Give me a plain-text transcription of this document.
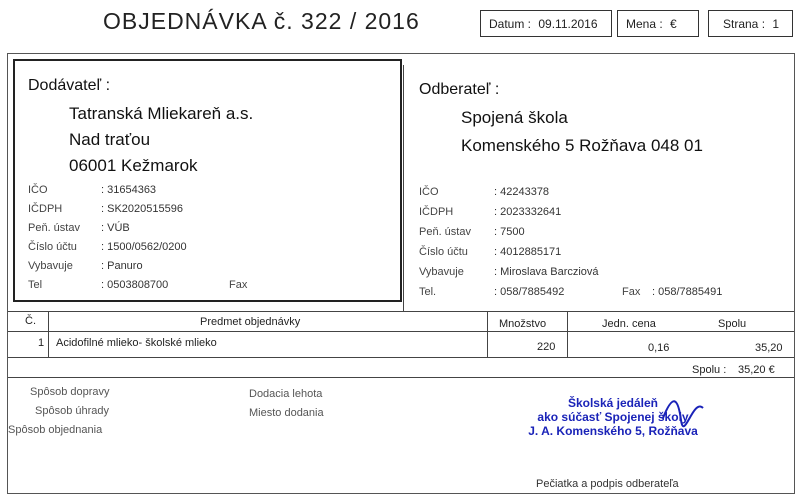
OBJEDNÁVKA č. 322 / 2016	Datum : 09.11.2016	Mena : €	Strana : 1
Dodávateľ :
Tatranská Mliekareň a.s.
Nad traťou
06001 Kežmarok
IČO	: 31654363
IČDPH	: SK2020515596
Peň. ústav : VÚB
Číslo účtu : 1500/0562/0200
Vybavuje	: Panuro
Tel	: 0503808700	Fax
Odberateľ :
Spojená škola
Komenského 5 Rožňava 048 01
IČO	: 42243378
IČDPH	: 2023332641
Peň. ústav : 7500
Číslo účtu : 4012885171
Vybavuje	: Miroslava Barcziová
Tel.	: 058/7885492	Fax : 058/7885491
Č.	Predmet objednávky	Množstvo	Jedn. cena	Spolu
1 Acidofilné mlieko- školské mlieko	220	0,16	35,20
Spolu : 35,20 €
Spôsob dopravy
Spôsob úhrady
Spôsob objednania
Dodacia lehota
Miesto dodania
Školská jedáleň
ako súčasť Spojenej školy
J. A. Komenského 5, Rožňava
Pečiatka a podpis odberateľa
